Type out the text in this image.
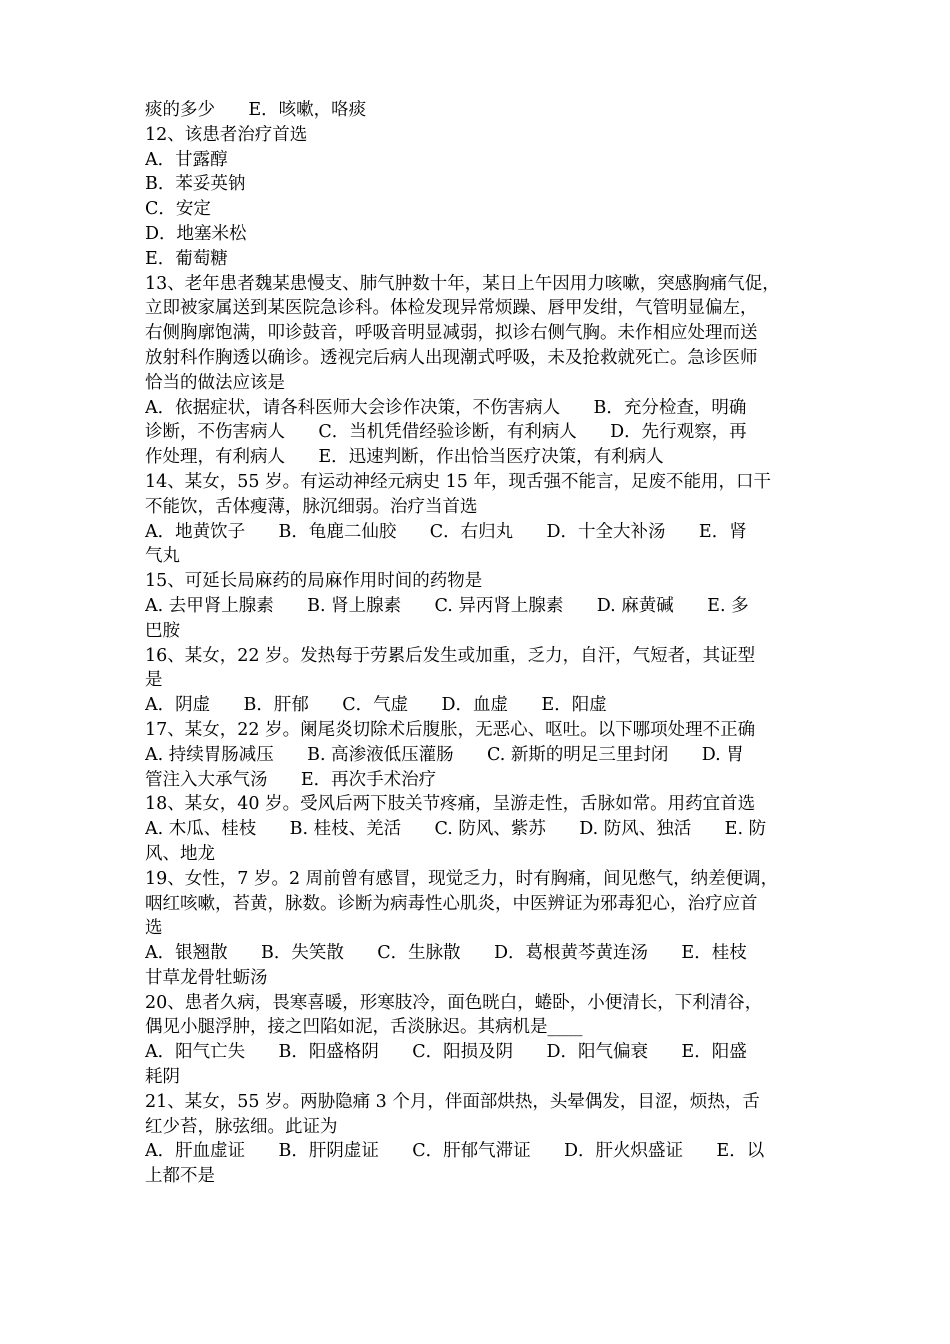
痰的多少      E．咳嗽，咯痰
12、该患者治疗首选
A．甘露醇
B．苯妥英钠
C．安定
D．地塞米松
E．葡萄糖
13、老年患者魏某患慢支、肺气肿数十年，某日上午因用力咳嗽，突感胸痛气促，
立即被家属送到某医院急诊科。体检发现异常烦躁、唇甲发绀，气管明显偏左，
右侧胸廓饱满，叩诊鼓音，呼吸音明显减弱，拟诊右侧气胸。未作相应处理而送
放射科作胸透以确诊。透视完后病人出现潮式呼吸，未及抢救就死亡。急诊医师
恰当的做法应该是
A．依据症状，请各科医师大会诊作决策，不伤害病人      B．充分检查，明确
诊断，不伤害病人      C．当机凭借经验诊断，有利病人      D．先行观察，再
作处理，有利病人      E．迅速判断，作出恰当医疗决策，有利病人
14、某女，55 岁。有运动神经元病史 15 年，现舌强不能言，足废不能用，口干
不能饮，舌体瘦薄，脉沉细弱。治疗当首选
A．地黄饮子      B．龟鹿二仙胶      C．右归丸      D．十全大补汤      E．肾
气丸
15、可延长局麻药的局麻作用时间的药物是
A. 去甲肾上腺素      B. 肾上腺素      C. 异丙肾上腺素      D. 麻黄碱      E. 多
巴胺
16、某女，22 岁。发热每于劳累后发生或加重，乏力，自汗，气短者，其证型
是
A．阴虚      B．肝郁      C．气虚      D．血虚      E．阳虚
17、某女，22 岁。阑尾炎切除术后腹胀，无恶心、呕吐。以下哪项处理不正确
A. 持续胃肠减压      B. 高渗液低压灌肠      C. 新斯的明足三里封闭      D. 胃
管注入大承气汤      E．再次手术治疗
18、某女，40 岁。受风后两下肢关节疼痛，呈游走性，舌脉如常。用药宜首选
A. 木瓜、桂枝      B. 桂枝、羌活      C. 防风、紫苏      D. 防风、独活      E. 防
风、地龙
19、女性，7 岁。2 周前曾有感冒，现觉乏力，时有胸痛，间见憋气，纳差便调，
咽红咳嗽，苔黄，脉数。诊断为病毒性心肌炎，中医辨证为邪毒犯心，治疗应首
选
A．银翘散      B．失笑散      C．生脉散      D．葛根黄芩黄连汤      E．桂枝
甘草龙骨牡蛎汤
20、患者久病，畏寒喜暖，形寒肢冷，面色晄白，蜷卧，小便清长，下利清谷，
偶见小腿浮肿，接之凹陷如泥，舌淡脉迟。其病机是____
A．阳气亡失      B．阳盛格阴      C．阳损及阴      D．阳气偏衰      E．阳盛
耗阴
21、某女，55 岁。两胁隐痛 3 个月，伴面部烘热，头晕偶发，目涩，烦热，舌
红少苔，脉弦细。此证为
A．肝血虚证      B．肝阴虚证      C．肝郁气滞证      D．肝火炽盛证      E．以
上都不是
